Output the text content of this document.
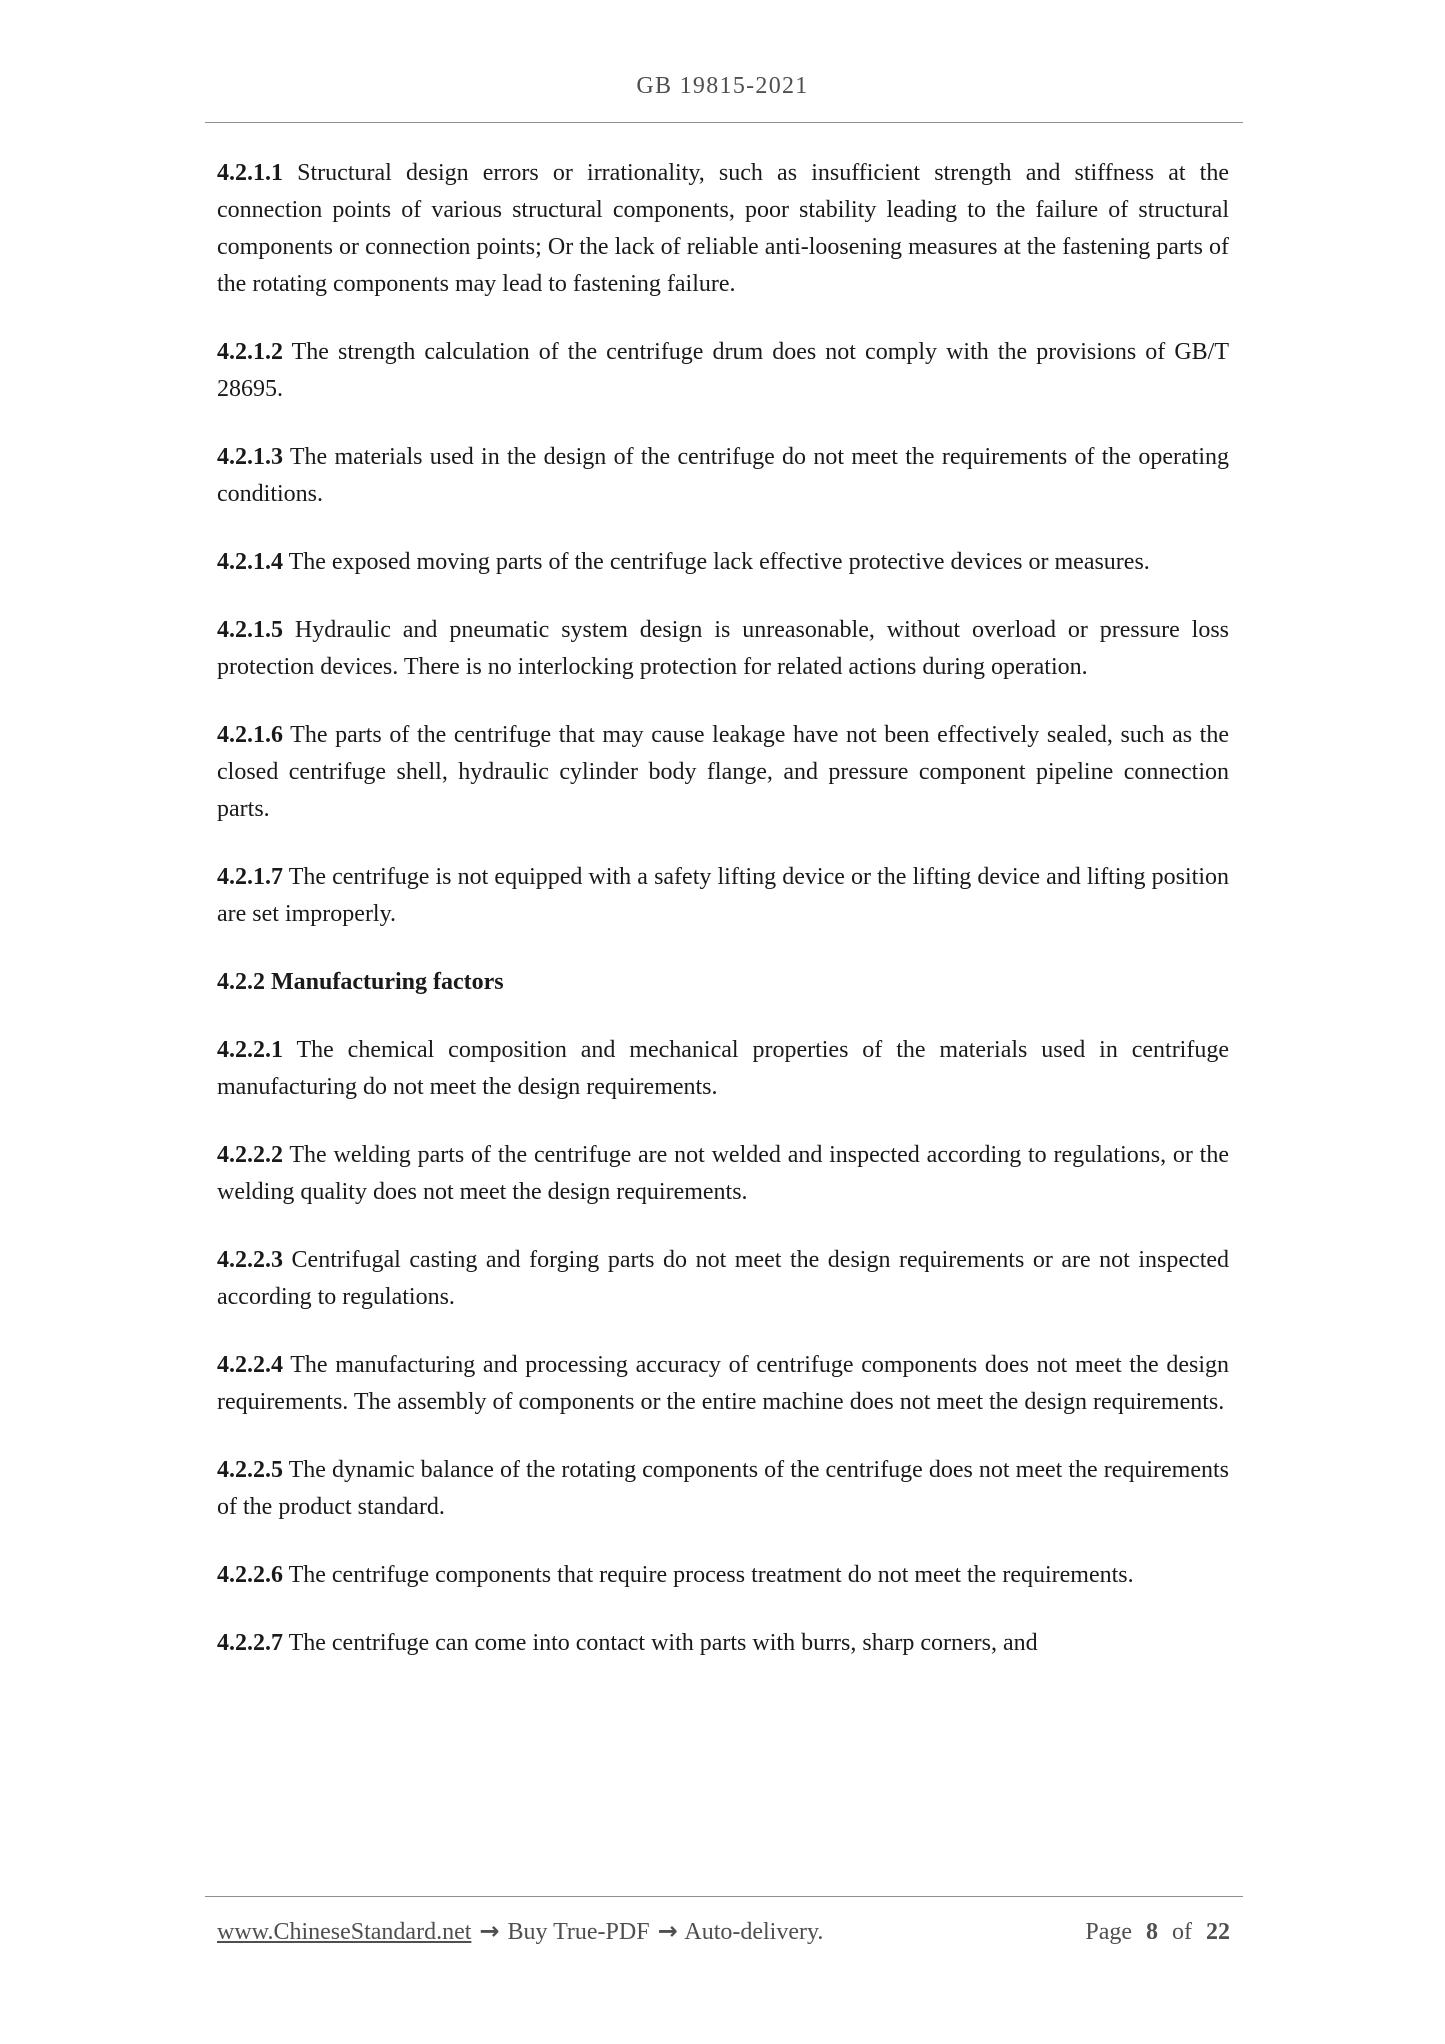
GB 19815-2021

4.2.1.1 Structural design errors or irrationality, such as insufficient strength and stiffness at the connection points of various structural components, poor stability leading to the failure of structural components or connection points; Or the lack of reliable anti-loosening measures at the fastening parts of the rotating components may lead to fastening failure.

4.2.1.2 The strength calculation of the centrifuge drum does not comply with the provisions of GB/T 28695.

4.2.1.3 The materials used in the design of the centrifuge do not meet the requirements of the operating conditions.

4.2.1.4 The exposed moving parts of the centrifuge lack effective protective devices or measures.

4.2.1.5 Hydraulic and pneumatic system design is unreasonable, without overload or pressure loss protection devices. There is no interlocking protection for related actions during operation.

4.2.1.6 The parts of the centrifuge that may cause leakage have not been effectively sealed, such as the closed centrifuge shell, hydraulic cylinder body flange, and pressure component pipeline connection parts.

4.2.1.7 The centrifuge is not equipped with a safety lifting device or the lifting device and lifting position are set improperly.

4.2.2 Manufacturing factors

4.2.2.1 The chemical composition and mechanical properties of the materials used in centrifuge manufacturing do not meet the design requirements.

4.2.2.2 The welding parts of the centrifuge are not welded and inspected according to regulations, or the welding quality does not meet the design requirements.

4.2.2.3 Centrifugal casting and forging parts do not meet the design requirements or are not inspected according to regulations.

4.2.2.4 The manufacturing and processing accuracy of centrifuge components does not meet the design requirements. The assembly of components or the entire machine does not meet the design requirements.

4.2.2.5 The dynamic balance of the rotating components of the centrifuge does not meet the requirements of the product standard.

4.2.2.6 The centrifuge components that require process treatment do not meet the requirements.

4.2.2.7 The centrifuge can come into contact with parts with burrs, sharp corners, and

www.ChineseStandard.net → Buy True-PDF → Auto-delivery.	Page 8 of 22
